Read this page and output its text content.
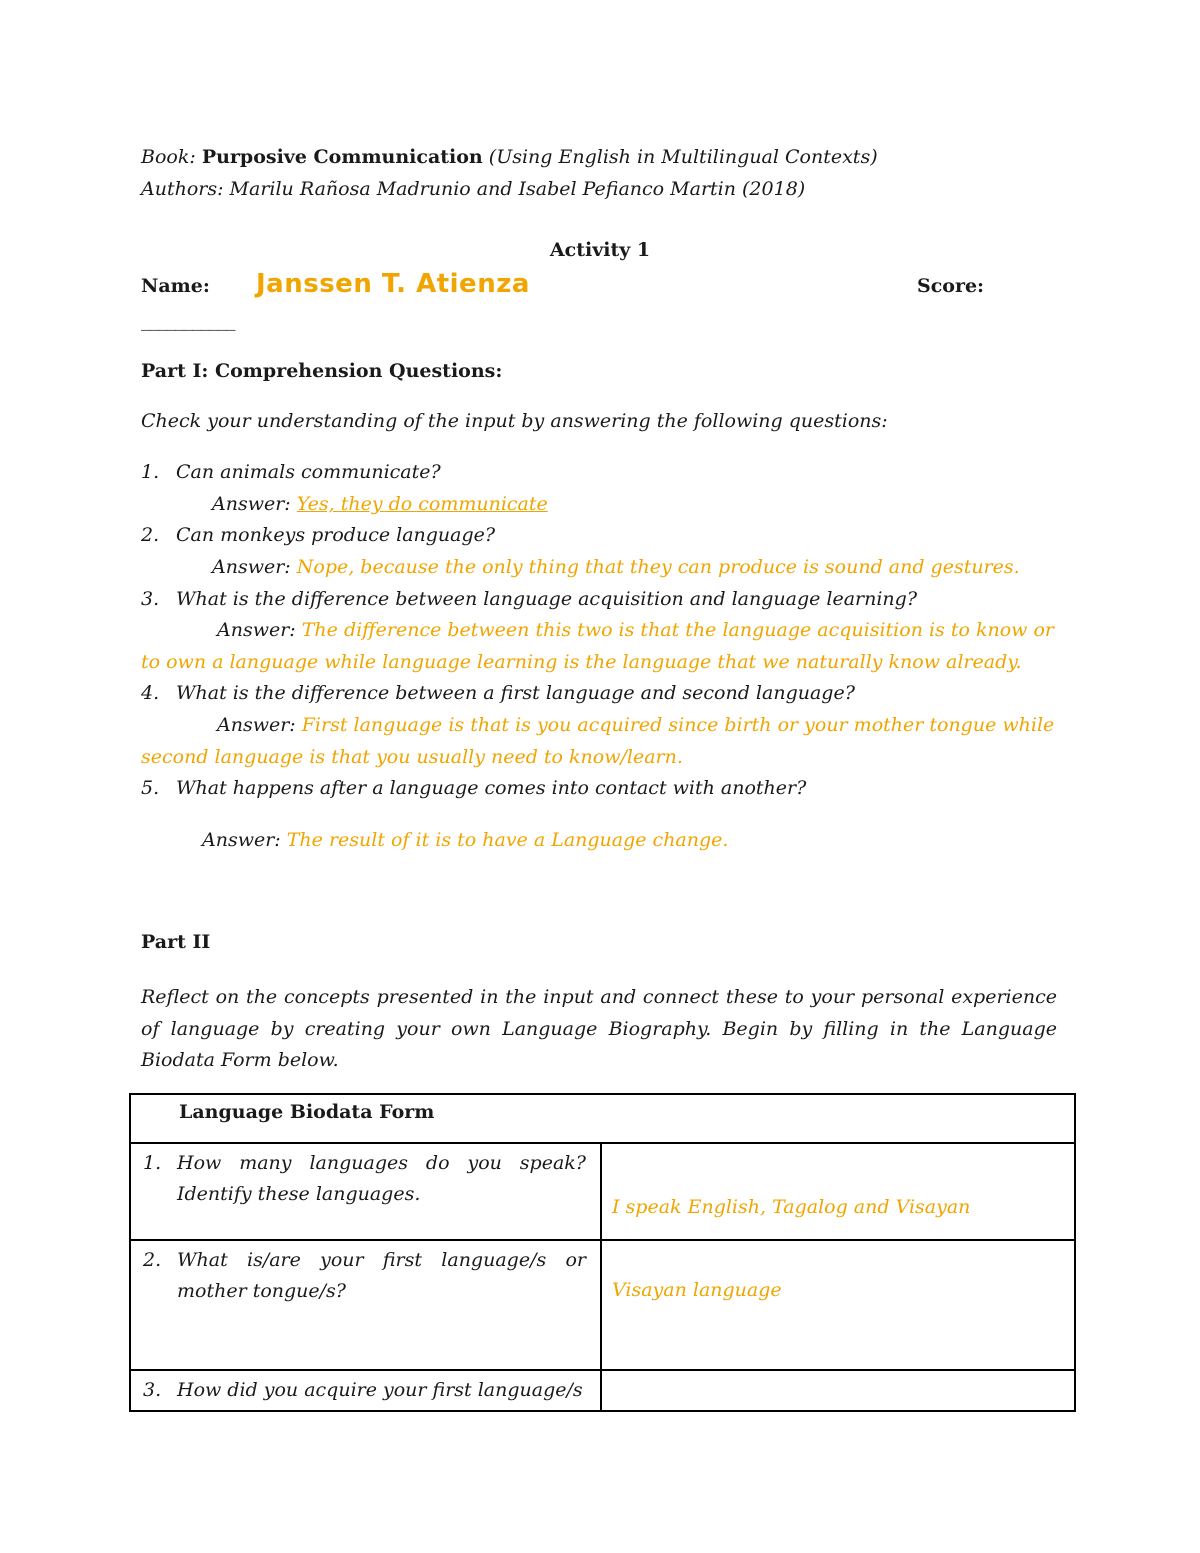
Book: Purposive Communication (Using English in Multilingual Contexts)
Authors: Marilu Rañosa Madrunio and Isabel Pefianco Martin (2018)
Activity 1
Name: Janssen T. Atienza	Score:
___________
Part I: Comprehension Questions:
Check your understanding of the input by answering the following questions:
1. Can animals communicate?
Answer: Yes, they do communicate
2. Can monkeys produce language?
Answer: Nope, because the only thing that they can produce is sound and gestures.
3. What is the difference between language acquisition and language learning?
Answer: The difference between this two is that the language acquisition is to know or
to own a language while language learning is the language that we naturally know already.
4. What is the difference between a first language and second language?
Answer: First language is that is you acquired since birth or your mother tongue while
second language is that you usually need to know/learn.
5. What happens after a language comes into contact with another?
Answer: The result of it is to have a Language change.
Part II
Reflect on the concepts presented in the input and connect these to your personal experience of language by creating your own Language Biography. Begin by filling in the Language Biodata Form below.
Language Biodata Form	

1. How many languages do you speak? Identify these languages.	I speak English, Tagalog and Visayan

2. What is/are your first language/s or mother tongue/s?	Visayan language

3. How did you acquire your first language/s	
